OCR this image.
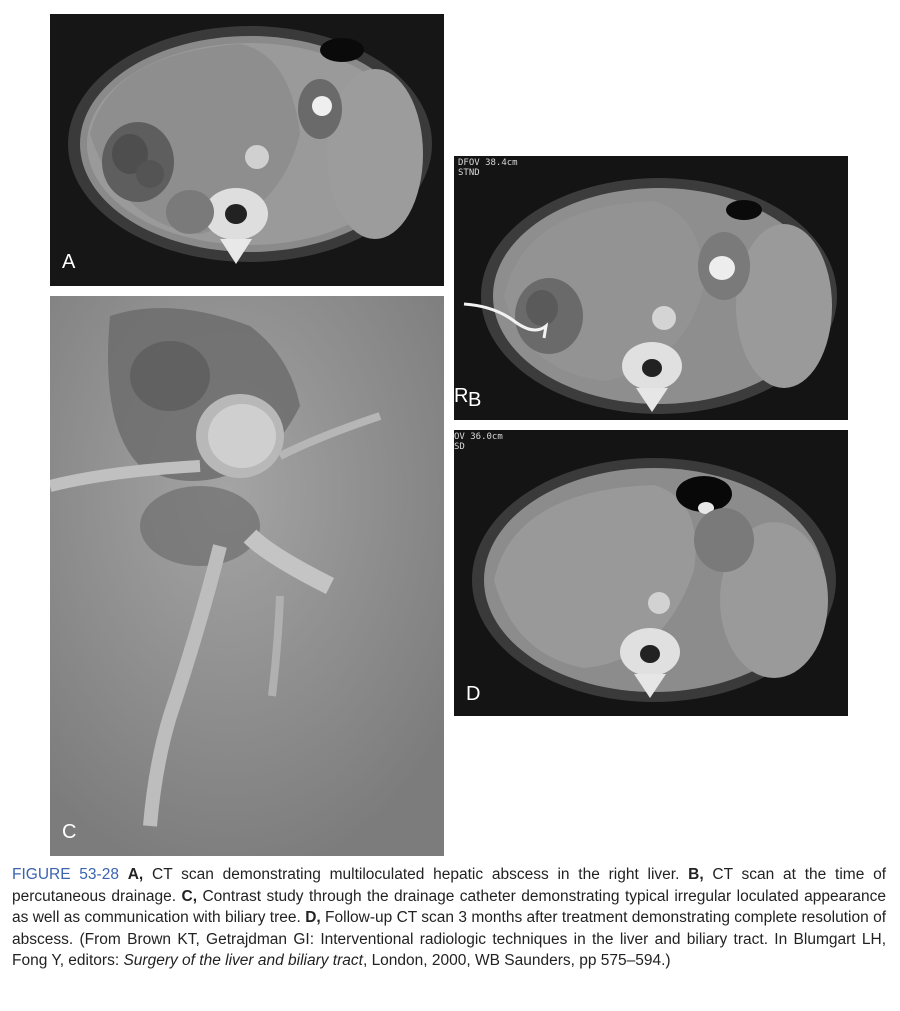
A
DFOV 38.4cm
STND
R B
C
OV 36.0cm
SD
D
FIGURE 53-28 A, CT scan demonstrating multiloculated hepatic abscess in the right liver. B, CT scan at the time of percutaneous drainage. C, Contrast study through the drainage catheter demonstrating typical irregular loculated appearance as well as communication with biliary tree. D, Follow-up CT scan 3 months after treatment demonstrating complete resolution of abscess. (From Brown KT, Getrajdman GI: Interventional radiologic techniques in the liver and biliary tract. In Blumgart LH, Fong Y, editors: Surgery of the liver and biliary tract, London, 2000, WB Saunders, pp 575–594.)
